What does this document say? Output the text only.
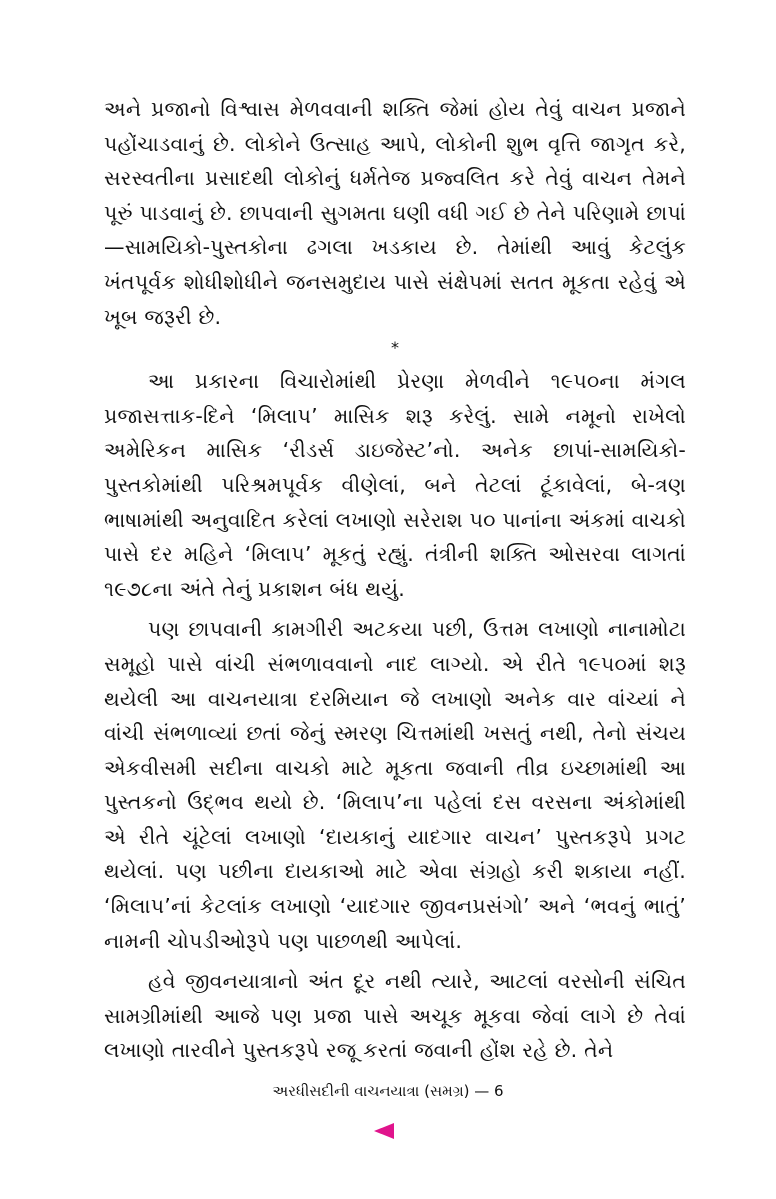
અને પ્રજાનો વિશ્વાસ મેળવવાની શક્તિ જેમાં હોય તેવું વાચન પ્રજાને પહોંચાડવાનું છે. લોકોને ઉત્સાહ આપે, લોકોની શુભ વૃત્તિ જાગૃત કરે, સરસ્વતીના પ્રસાદથી લોકોનું ધર્મતેજ પ્રજ્વલિત કરે તેવું વાચન તેમને પૂરું પાડવાનું છે. છાપવાની સુગમતા ઘણી વધી ગઈ છે તેને પરિણામે છાપાં—સામયિકો-પુસ્તકોના ઢગલા ખડકાય છે. તેમાંથી આવું કેટલુંક ખંતપૂર્વક શોધીશોધીને જનસમુદાય પાસે સંક્ષેપમાં સતત મૂકતા રહેવું એ ખૂબ જરૂરી છે.

*

આ પ્રકારના વિચારોમાંથી પ્રેરણા મેળવીને ૧૯૫૦ના મંગલ પ્રજાસત્તાક-દિને ‘મિલાપ’ માસિક શરૂ કરેલું. સામે નમૂનો રાખેલો અમેરિકન માસિક ‘રીડર્સ ડાઇજેસ્ટ’નો. અનેક છાપાં-સામયિકો-પુસ્તકોમાંથી પરિશ્રમપૂર્વક વીણેલાં, બને તેટલાં ટૂંકાવેલાં, બે-ત્રણ ભાષામાંથી અનુવાદિત કરેલાં લખાણો સરેરાશ ૫૦ પાનાંના અંકમાં વાચકો પાસે દર મહિને ‘મિલાપ’ મૂકતું રહ્યું. તંત્રીની શક્તિ ઓસરવા લાગતાં ૧૯૭૮ના અંતે તેનું પ્રકાશન બંધ થયું.

પણ છાપવાની કામગીરી અટકયા પછી, ઉત્તમ લખાણો નાનામોટા સમૂહો પાસે વાંચી સંભળાવવાનો નાદ લાગ્યો. એ રીતે ૧૯૫૦માં શરૂ થયેલી આ વાચનયાત્રા દરમિયાન જે લખાણો અનેક વાર વાંચ્યાં ને વાંચી સંભળાવ્યાં છતાં જેનું સ્મરણ ચિત્તમાંથી ખસતું નથી, તેનો સંચય એકવીસમી સદીના વાચકો માટે મૂકતા જવાની તીવ્ર ઇચ્છામાંથી આ પુસ્તકનો ઉદ્ભવ થયો છે. ‘મિલાપ’ના પહેલાં દસ વરસના અંકોમાંથી એ રીતે ચૂંટેલાં લખાણો ‘દાયકાનું યાદગાર વાચન’ પુસ્તકરૂપે પ્રગટ થયેલાં. પણ પછીના દાયકાઓ માટે એવા સંગ્રહો કરી શકાયા નહીં. ‘મિલાપ’નાં કેટલાંક લખાણો ‘યાદગાર જીવનપ્રસંગો’ અને ‘ભવનું ભાતું’ નામની ચોપડીઓરૂપે પણ પાછળથી આપેલાં.

હવે જીવનયાત્રાનો અંત દૂર નથી ત્યારે, આટલાં વરસોની સંચિત સામગ્રીમાંથી આજે પણ પ્રજા પાસે અચૂક મૂકવા જેવાં લાગે છે તેવાં લખાણો તારવીને પુસ્તકરૂપે રજૂ કરતાં જવાની હોંશ રહે છે. તેને

અરધીસદીની વાચનયાત્રા (સમગ્ર) — 6
